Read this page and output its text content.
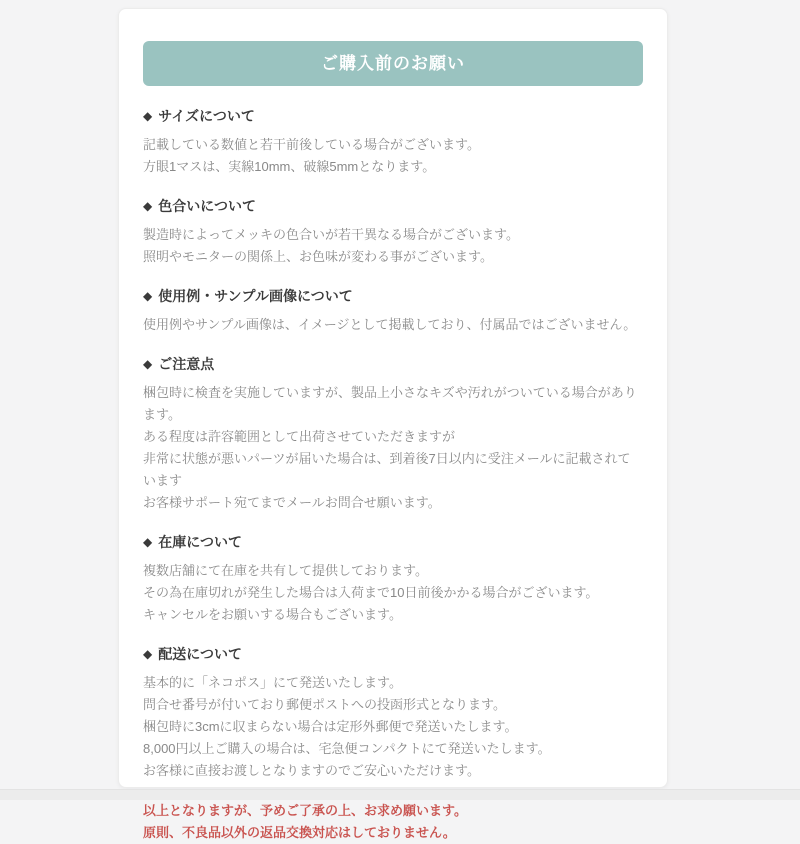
ご購入前のお願い
◆ サイズについて

記載している数値と若干前後している場合がございます。

方眼1マスは、実線10mm、破線5mmとなります。

◆ 色合いについて

製造時によってメッキの色合いが若干異なる場合がございます。

照明やモニターの関係上、お色味が変わる事がございます。

◆ 使用例・サンプル画像について

使用例やサンプル画像は、イメージとして掲載しており、付属品ではございません。

◆ ご注意点

梱包時に検査を実施していますが、製品上小さなキズや汚れがついている場合があります。

ある程度は許容範囲として出荷させていただきますが

非常に状態が悪いパーツが届いた場合は、到着後7日以内に受注メールに記載されています

お客様サポート宛てまでメールお問合せ願います。

◆ 在庫について

複数店舗にて在庫を共有して提供しております。

その為在庫切れが発生した場合は入荷まで10日前後かかる場合がございます。

キャンセルをお願いする場合もございます。

◆ 配送について

基本的に「ネコポス」にて発送いたします。

問合せ番号が付いており郵便ポストへの投函形式となります。

梱包時に3cmに収まらない場合は定形外郵便で発送いたします。

8,000円以上ご購入の場合は、宅急便コンパクトにて発送いたします。

お客様に直接お渡しとなりますのでご安心いただけます。

以上となりますが、予めご了承の上、お求め願います。

原則、不良品以外の返品交換対応はしておりません。
